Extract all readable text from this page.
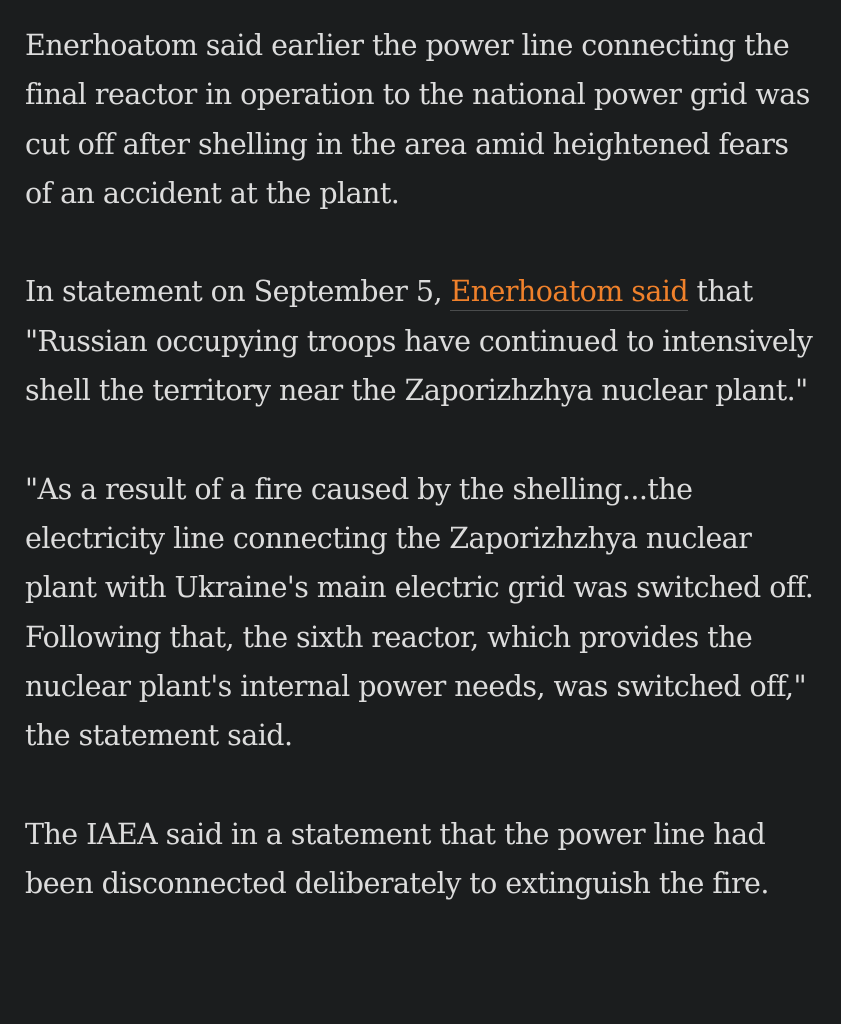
Enerhoatom said earlier the power line connecting the final reactor in operation to the national power grid was cut off after shelling in the area amid heightened fears of an accident at the plant.

In statement on September 5, Enerhoatom said that "Russian occupying troops have continued to intensively shell the territory near the Zaporizhzhya nuclear plant."

"As a result of a fire caused by the shelling...the electricity line connecting the Zaporizhzhya nuclear plant with Ukraine's main electric grid was switched off. Following that, the sixth reactor, which provides the nuclear plant's internal power needs, was switched off," the statement said.

The IAEA said in a statement that the power line had been disconnected deliberately to extinguish the fire.
